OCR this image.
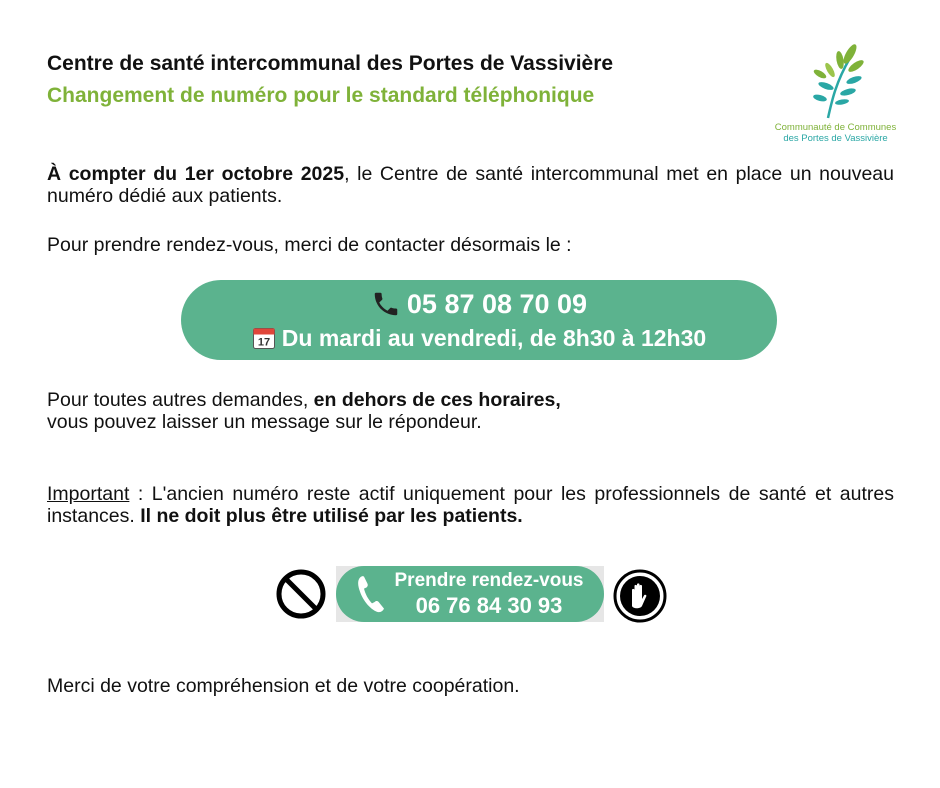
Centre de santé intercommunal des Portes de Vassivière
Changement de numéro pour le standard téléphonique
Communauté de Communes
des Portes de Vassivière
À compter du 1er octobre 2025, le Centre de santé intercommunal met en place un nouveau numéro dédié aux patients.
Pour prendre rendez-vous, merci de contacter désormais le :
05 87 08 70 09
17 Du mardi au vendredi, de 8h30 à 12h30
Pour toutes autres demandes, en dehors de ces horaires,
vous pouvez laisser un message sur le répondeur.
Important : L'ancien numéro reste actif uniquement pour les professionnels de santé et autres instances. Il ne doit plus être utilisé par les patients.
Prendre rendez-vous
06 76 84 30 93
Merci de votre compréhension et de votre coopération.
